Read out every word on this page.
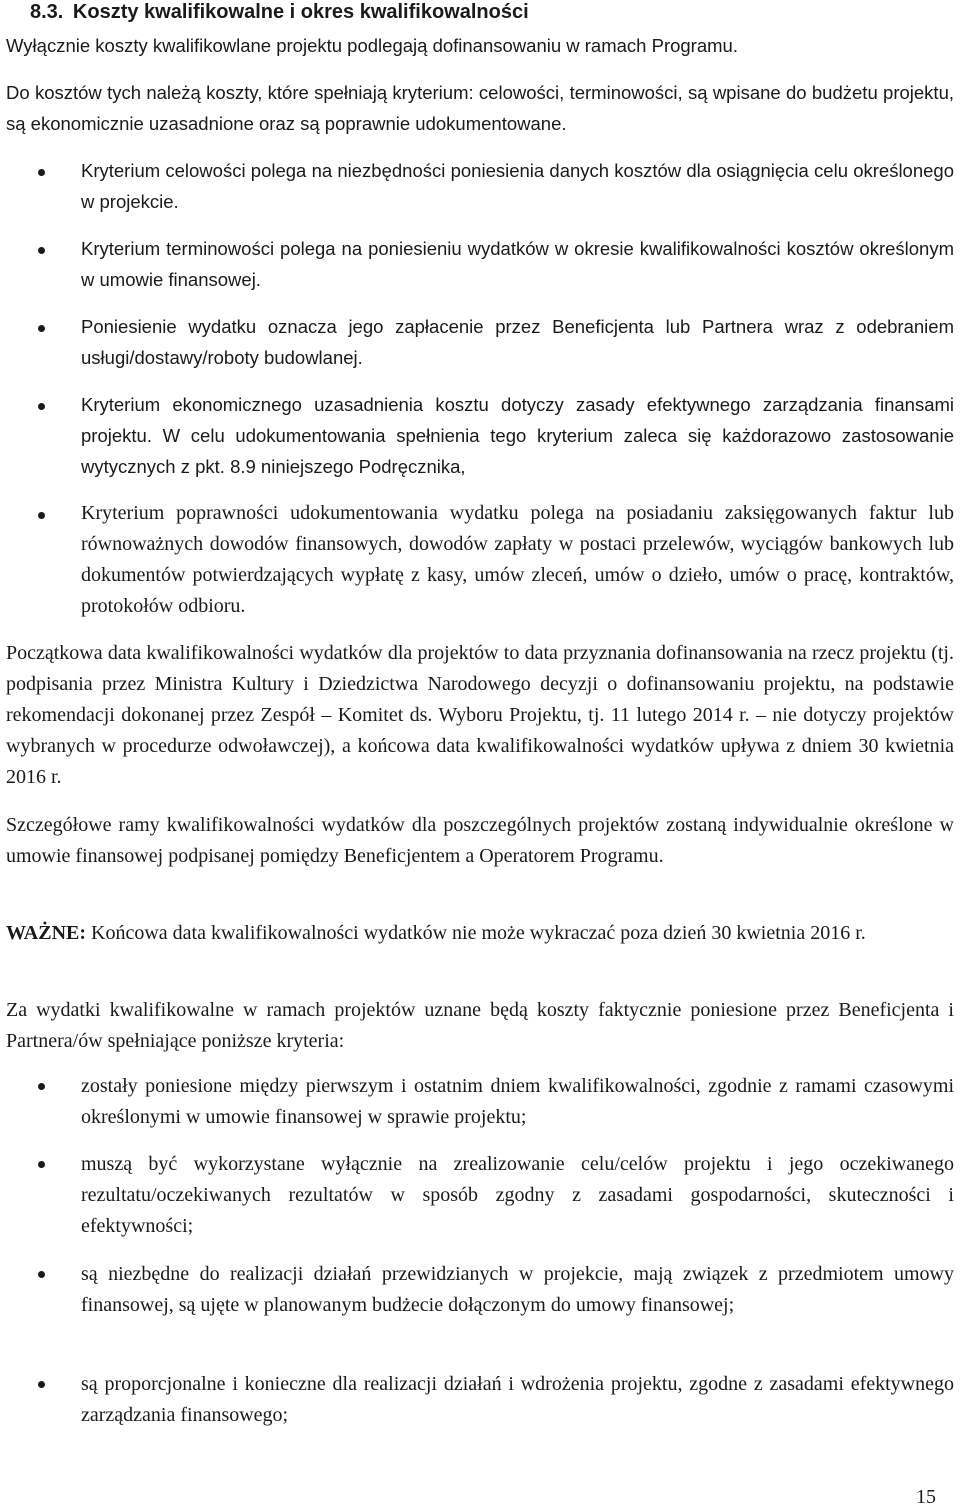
8.3. Koszty kwalifikowalne i okres kwalifikowalności

Wyłącznie koszty kwalifikowlane projektu podlegają dofinansowaniu w ramach Programu.

Do kosztów tych należą koszty, które spełniają kryterium: celowości, terminowości, są wpisane do budżetu projektu, są ekonomicznie uzasadnione oraz są poprawnie udokumentowane.

Kryterium celowości polega na niezbędności poniesienia danych kosztów dla osiągnięcia celu określonego w projekcie.

Kryterium terminowości polega na poniesieniu wydatków w okresie kwalifikowalności kosztów określonym w umowie finansowej.

Poniesienie wydatku oznacza jego zapłacenie przez Beneficjenta lub Partnera wraz z odebraniem usługi/dostawy/roboty budowlanej.

Kryterium ekonomicznego uzasadnienia kosztu dotyczy zasady efektywnego zarządzania finansami projektu. W celu udokumentowania spełnienia tego kryterium zaleca się każdorazowo zastosowanie wytycznych z pkt. 8.9 niniejszego Podręcznika,

Kryterium poprawności udokumentowania wydatku polega na posiadaniu zaksięgowanych faktur lub równoważnych dowodów finansowych, dowodów zapłaty w postaci przelewów, wyciągów bankowych lub dokumentów potwierdzających wypłatę z kasy, umów zleceń, umów o dzieło, umów o pracę, kontraktów, protokołów odbioru.

Początkowa data kwalifikowalności wydatków dla projektów to data przyznania dofinansowania na rzecz projektu (tj. podpisania przez Ministra Kultury i Dziedzictwa Narodowego decyzji o dofinansowaniu projektu, na podstawie rekomendacji dokonanej przez Zespół – Komitet ds. Wyboru Projektu, tj. 11 lutego 2014 r. – nie dotyczy projektów wybranych w procedurze odwoławczej), a końcowa data kwalifikowalności wydatków upływa z dniem 30 kwietnia 2016 r.

Szczegółowe ramy kwalifikowalności wydatków dla poszczególnych projektów zostaną indywidualnie określone w umowie finansowej podpisanej pomiędzy Beneficjentem a Operatorem Programu.

WAŻNE: Końcowa data kwalifikowalności wydatków nie może wykraczać poza dzień 30 kwietnia 2016 r.

Za wydatki kwalifikowalne w ramach projektów uznane będą koszty faktycznie poniesione przez Beneficjenta i Partnera/ów spełniające poniższe kryteria:

zostały poniesione między pierwszym i ostatnim dniem kwalifikowalności, zgodnie z ramami czasowymi określonymi w umowie finansowej w sprawie projektu;

muszą być wykorzystane wyłącznie na zrealizowanie celu/celów projektu i jego oczekiwanego rezultatu/oczekiwanych rezultatów w sposób zgodny z zasadami gospodarności, skuteczności i efektywności;

są niezbędne do realizacji działań przewidzianych w projekcie, mają związek z przedmiotem umowy finansowej, są ujęte w planowanym budżecie dołączonym do umowy finansowej;

są proporcjonalne i konieczne dla realizacji działań i wdrożenia projektu, zgodne z zasadami efektywnego zarządzania finansowego;

15
